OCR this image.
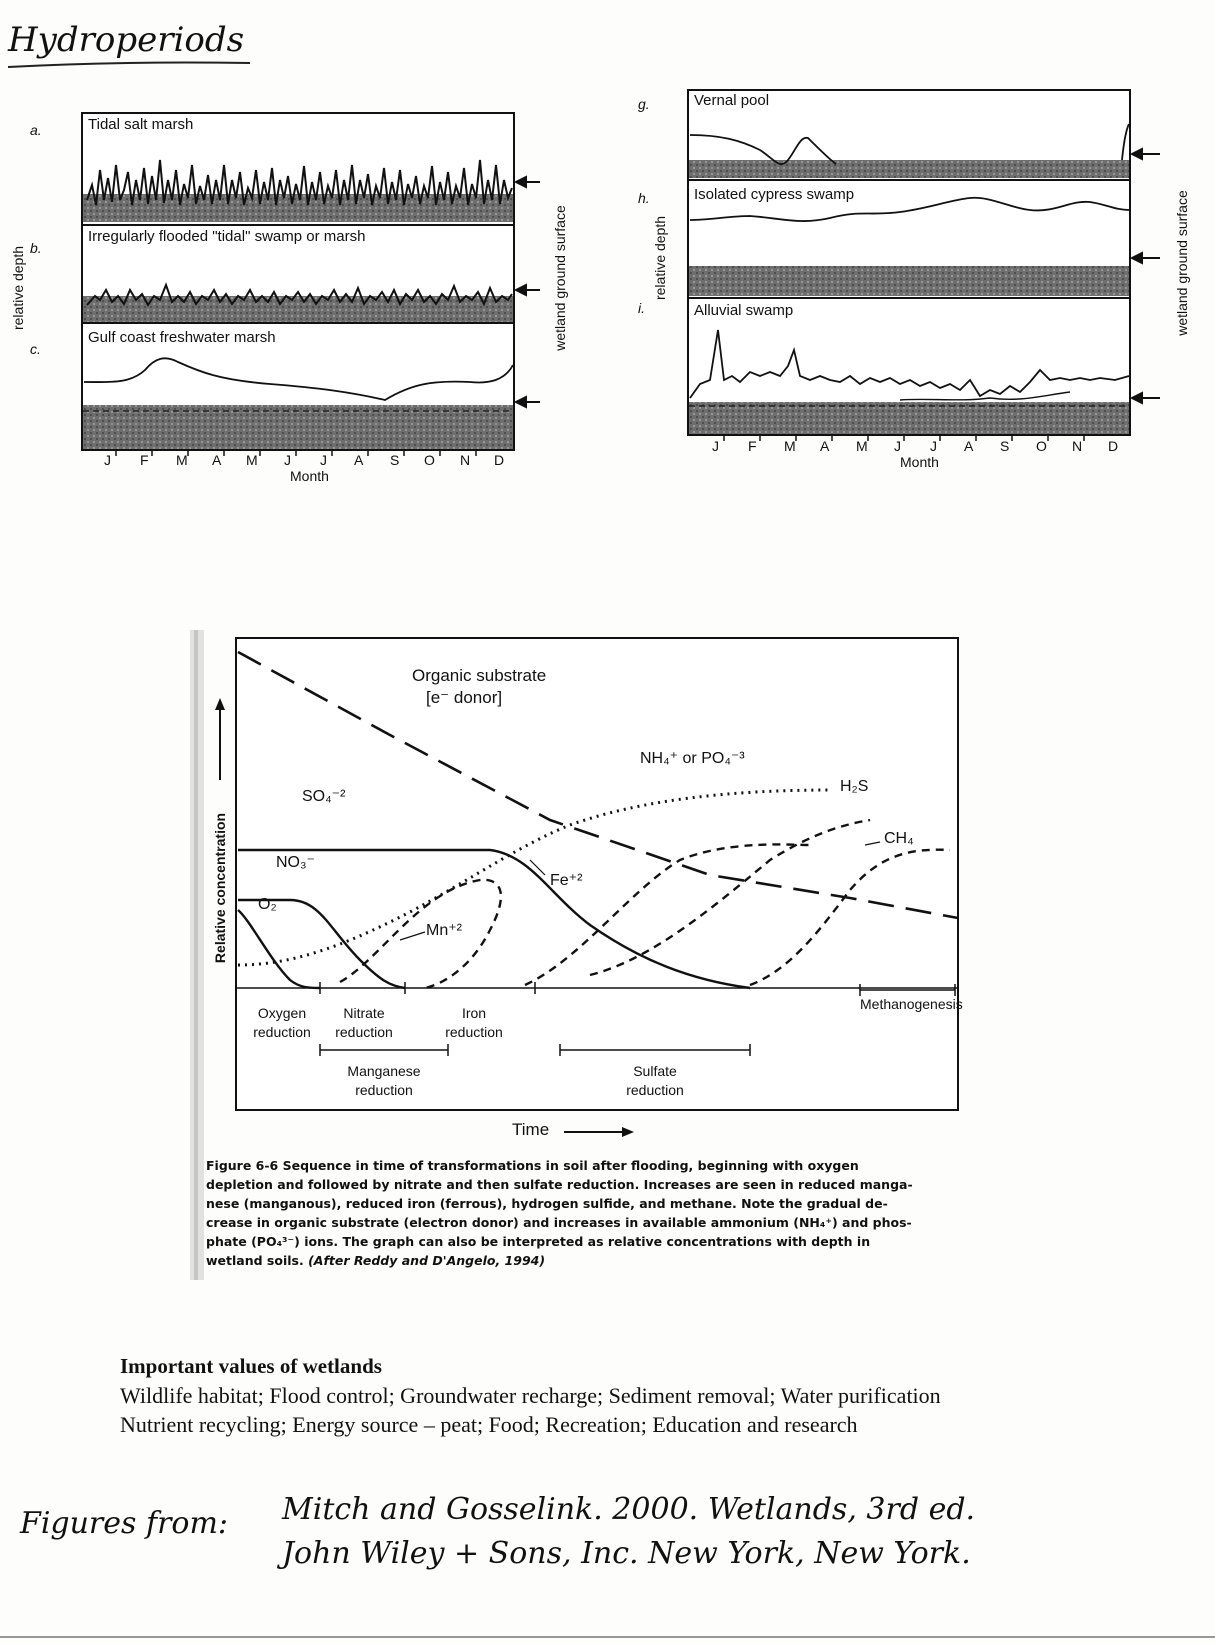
Hydroperiods
a.
b.
c.
Tidal salt marsh
Irregularly flooded "tidal" swamp or marsh
Gulf coast freshwater marsh
relative depth	wetland ground surface
J F M A M J J A S O N D
Month
g.
h.
i.
Vernal pool
Isolated cypress swamp
Alluvial swamp
relative depth	wetland ground surface
J F M A M J J A S O N D
Month
Relative concentration
Organic substrate
[e⁻ donor]
NH₄⁺ or PO₄⁻³
SO₄⁻²
NO₃⁻
O₂
Mn⁺²
Fe⁺²
H₂S
CH₄
Oxygen
reduction
Nitrate
reduction
Iron
reduction
Methanogenesis
Manganese
reduction
Sulfate
reduction
Time
Figure 6-6 Sequence in time of transformations in soil after flooding, beginning with oxygen
depletion and followed by nitrate and then sulfate reduction. Increases are seen in reduced manga-
nese (manganous), reduced iron (ferrous), hydrogen sulfide, and methane. Note the gradual de-
crease in organic substrate (electron donor) and increases in available ammonium (NH₄⁺) and phos-
phate (PO₄³⁻) ions. The graph can also be interpreted as relative concentrations with depth in
wetland soils. (After Reddy and D'Angelo, 1994)
Important values of wetlands
Wildlife habitat; Flood control; Groundwater recharge; Sediment removal; Water purification
Nutrient recycling; Energy source – peat; Food; Recreation; Education and research
Figures from: Mitch and Gosselink. 2000. Wetlands, 3rd ed.
John Wiley + Sons, Inc. New York, New York.
